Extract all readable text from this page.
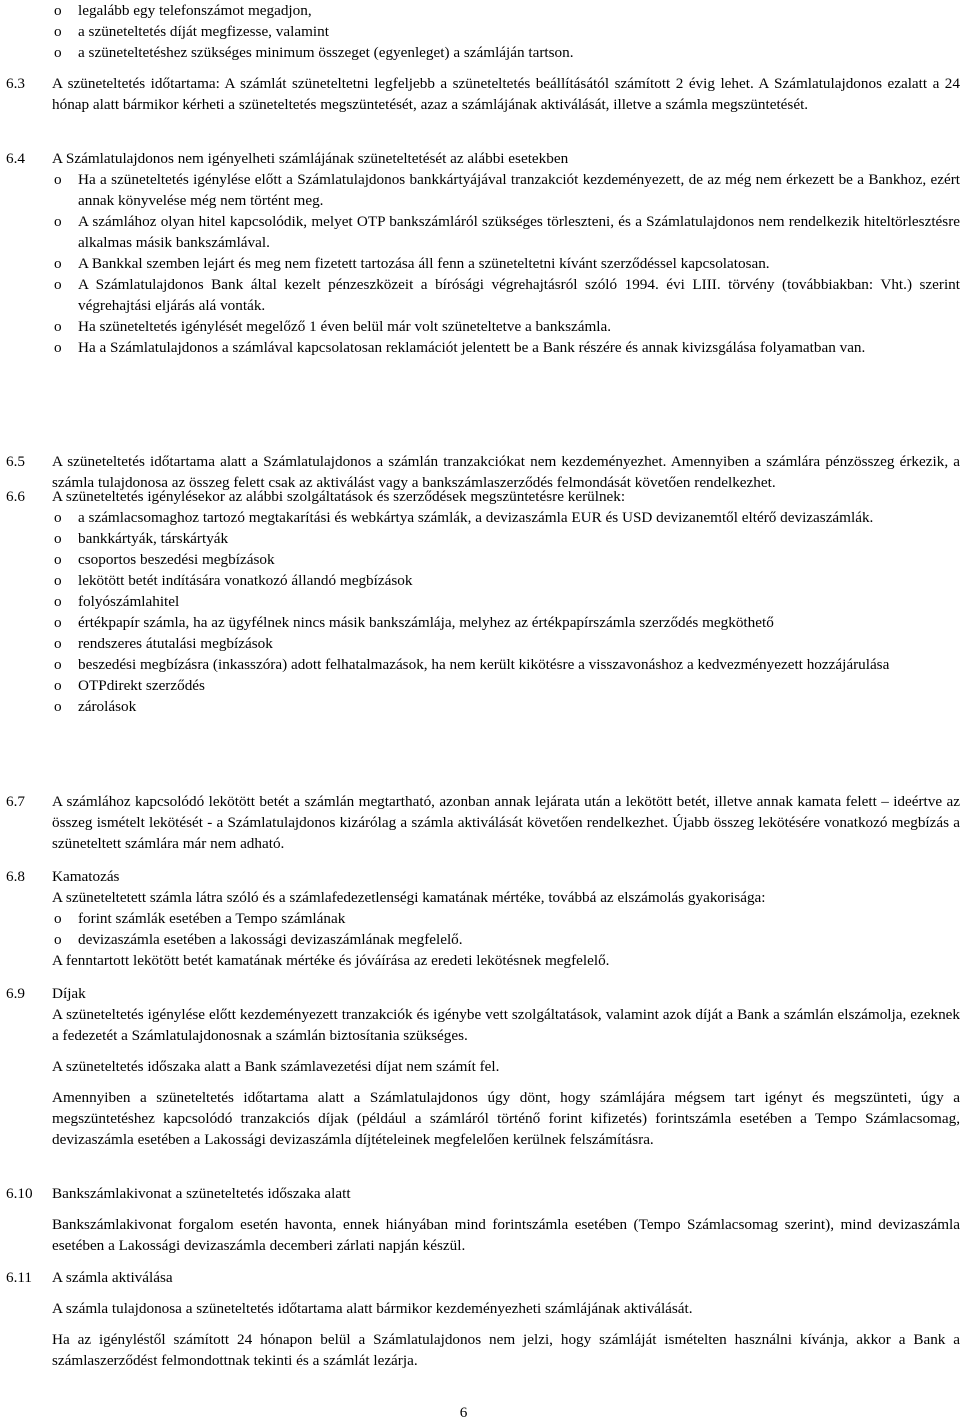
o legalább egy telefonszámot megadjon,
o a szüneteltetés díját megfizesse, valamint
o a szüneteltetéshez szükséges minimum összeget (egyenleget) a számláján tartson.
6.3 A szüneteltetés időtartama: A számlát szüneteltetni legfeljebb a szüneteltetés beállításától számított 2 évig lehet. A Számlatulajdonos ezalatt a 24 hónap alatt bármikor kérheti a szüneteltetés megszüntetését, azaz a számlájának aktiválását, illetve a számla megszüntetését.

6.4 A Számlatulajdonos nem igényelheti számlájának szüneteltetését az alábbi esetekben

o Ha a szüneteltetés igénylése előtt a Számlatulajdonos bankkártyájával tranzakciót kezdeményezett, de az még nem érkezett be a Bankhoz, ezért annak könyvelése még nem történt meg.
o A számlához olyan hitel kapcsolódik, melyet OTP bankszámláról szükséges törleszteni, és a Számlatulajdonos nem rendelkezik hiteltörlesztésre alkalmas másik bankszámlával.
o A Bankkal szemben lejárt és meg nem fizetett tartozása áll fenn a szüneteltetni kívánt szerződéssel kapcsolatosan.
o A Számlatulajdonos Bank által kezelt pénzeszközeit a bírósági végrehajtásról szóló 1994. évi LIII. törvény (továbbiakban: Vht.) szerint végrehajtási eljárás alá vonták.
o Ha szüneteltetés igénylését megelőző 1 éven belül már volt szüneteltetve a bankszámla.
o Ha a Számlatulajdonos a számlával kapcsolatosan reklamációt jelentett be a Bank részére és annak kivizsgálása folyamatban van.
6.5 A szüneteltetés időtartama alatt a Számlatulajdonos a számlán tranzakciókat nem kezdeményezhet. Amennyiben a számlára pénzösszeg érkezik, a számla tulajdonosa az összeg felett csak az aktiválást vagy a bankszámlaszerződés felmondását követően rendelkezhet.

6.6 A szüneteltetés igénylésekor az alábbi szolgáltatások és szerződések megszüntetésre kerülnek:

o a számlacsomaghoz tartozó megtakarítási és webkártya számlák, a devizaszámla EUR és USD devizanemtől eltérő devizaszámlák.
o bankkártyák, társkártyák
o csoportos beszedési megbízások
o lekötött betét indítására vonatkozó állandó megbízások
o folyószámlahitel
o értékpapír számla, ha az ügyfélnek nincs másik bankszámlája, melyhez az értékpapírszámla szerződés megköthető
o rendszeres átutalási megbízások
o beszedési megbízásra (inkasszóra) adott felhatalmazások, ha nem került kikötésre a visszavonáshoz a kedvezményezett hozzájárulása
o OTPdirekt szerződés
o zárolások
6.7 A számlához kapcsolódó lekötött betét a számlán megtartható, azonban annak lejárata után a lekötött betét, illetve annak kamata felett – ideértve az összeg ismételt lekötését - a Számlatulajdonos kizárólag a számla aktiválását követően rendelkezhet. Újabb összeg lekötésére vonatkozó megbízás a szüneteltett számlára már nem adható.

6.8 Kamatozás

A szüneteltetett számla látra szóló és a számlafedezetlenségi kamatának mértéke, továbbá az elszámolás gyakorisága:

o forint számlák esetében a Tempo számlának
o devizaszámla esetében a lakossági devizaszámlának megfelelő.

A fenntartott lekötött betét kamatának mértéke és jóváírása az eredeti lekötésnek megfelelő.

6.9 Díjak

A szüneteltetés igénylése előtt kezdeményezett tranzakciók és igénybe vett szolgáltatások, valamint azok díját a Bank a számlán elszámolja, ezeknek a fedezetét a Számlatulajdonosnak a számlán biztosítania szükséges.

A szüneteltetés időszaka alatt a Bank számlavezetési díjat nem számít fel.

Amennyiben a szüneteltetés időtartama alatt a Számlatulajdonos úgy dönt, hogy számlájára mégsem tart igényt és megszünteti, úgy a megszüntetéshez kapcsolódó tranzakciós díjak (például a számláról történő forint kifizetés) forintszámla esetében a Tempo Számlacsomag, devizaszámla esetében a Lakossági devizaszámla díjtételeinek megfelelően kerülnek felszámításra.

6.10 Bankszámlakivonat a szüneteltetés időszaka alatt

Bankszámlakivonat forgalom esetén havonta, ennek hiányában mind forintszámla esetében (Tempo Számlacsomag szerint), mind devizaszámla esetében a Lakossági devizaszámla decemberi zárlati napján készül.

6.11 A számla aktiválása

A számla tulajdonosa a szüneteltetés időtartama alatt bármikor kezdeményezheti számlájának aktiválását.

Ha az igényléstől számított 24 hónapon belül a Számlatulajdonos nem jelzi, hogy számláját ismételten használni kívánja, akkor a Bank a számlaszerződést felmondottnak tekinti és a számlát lezárja.

6
